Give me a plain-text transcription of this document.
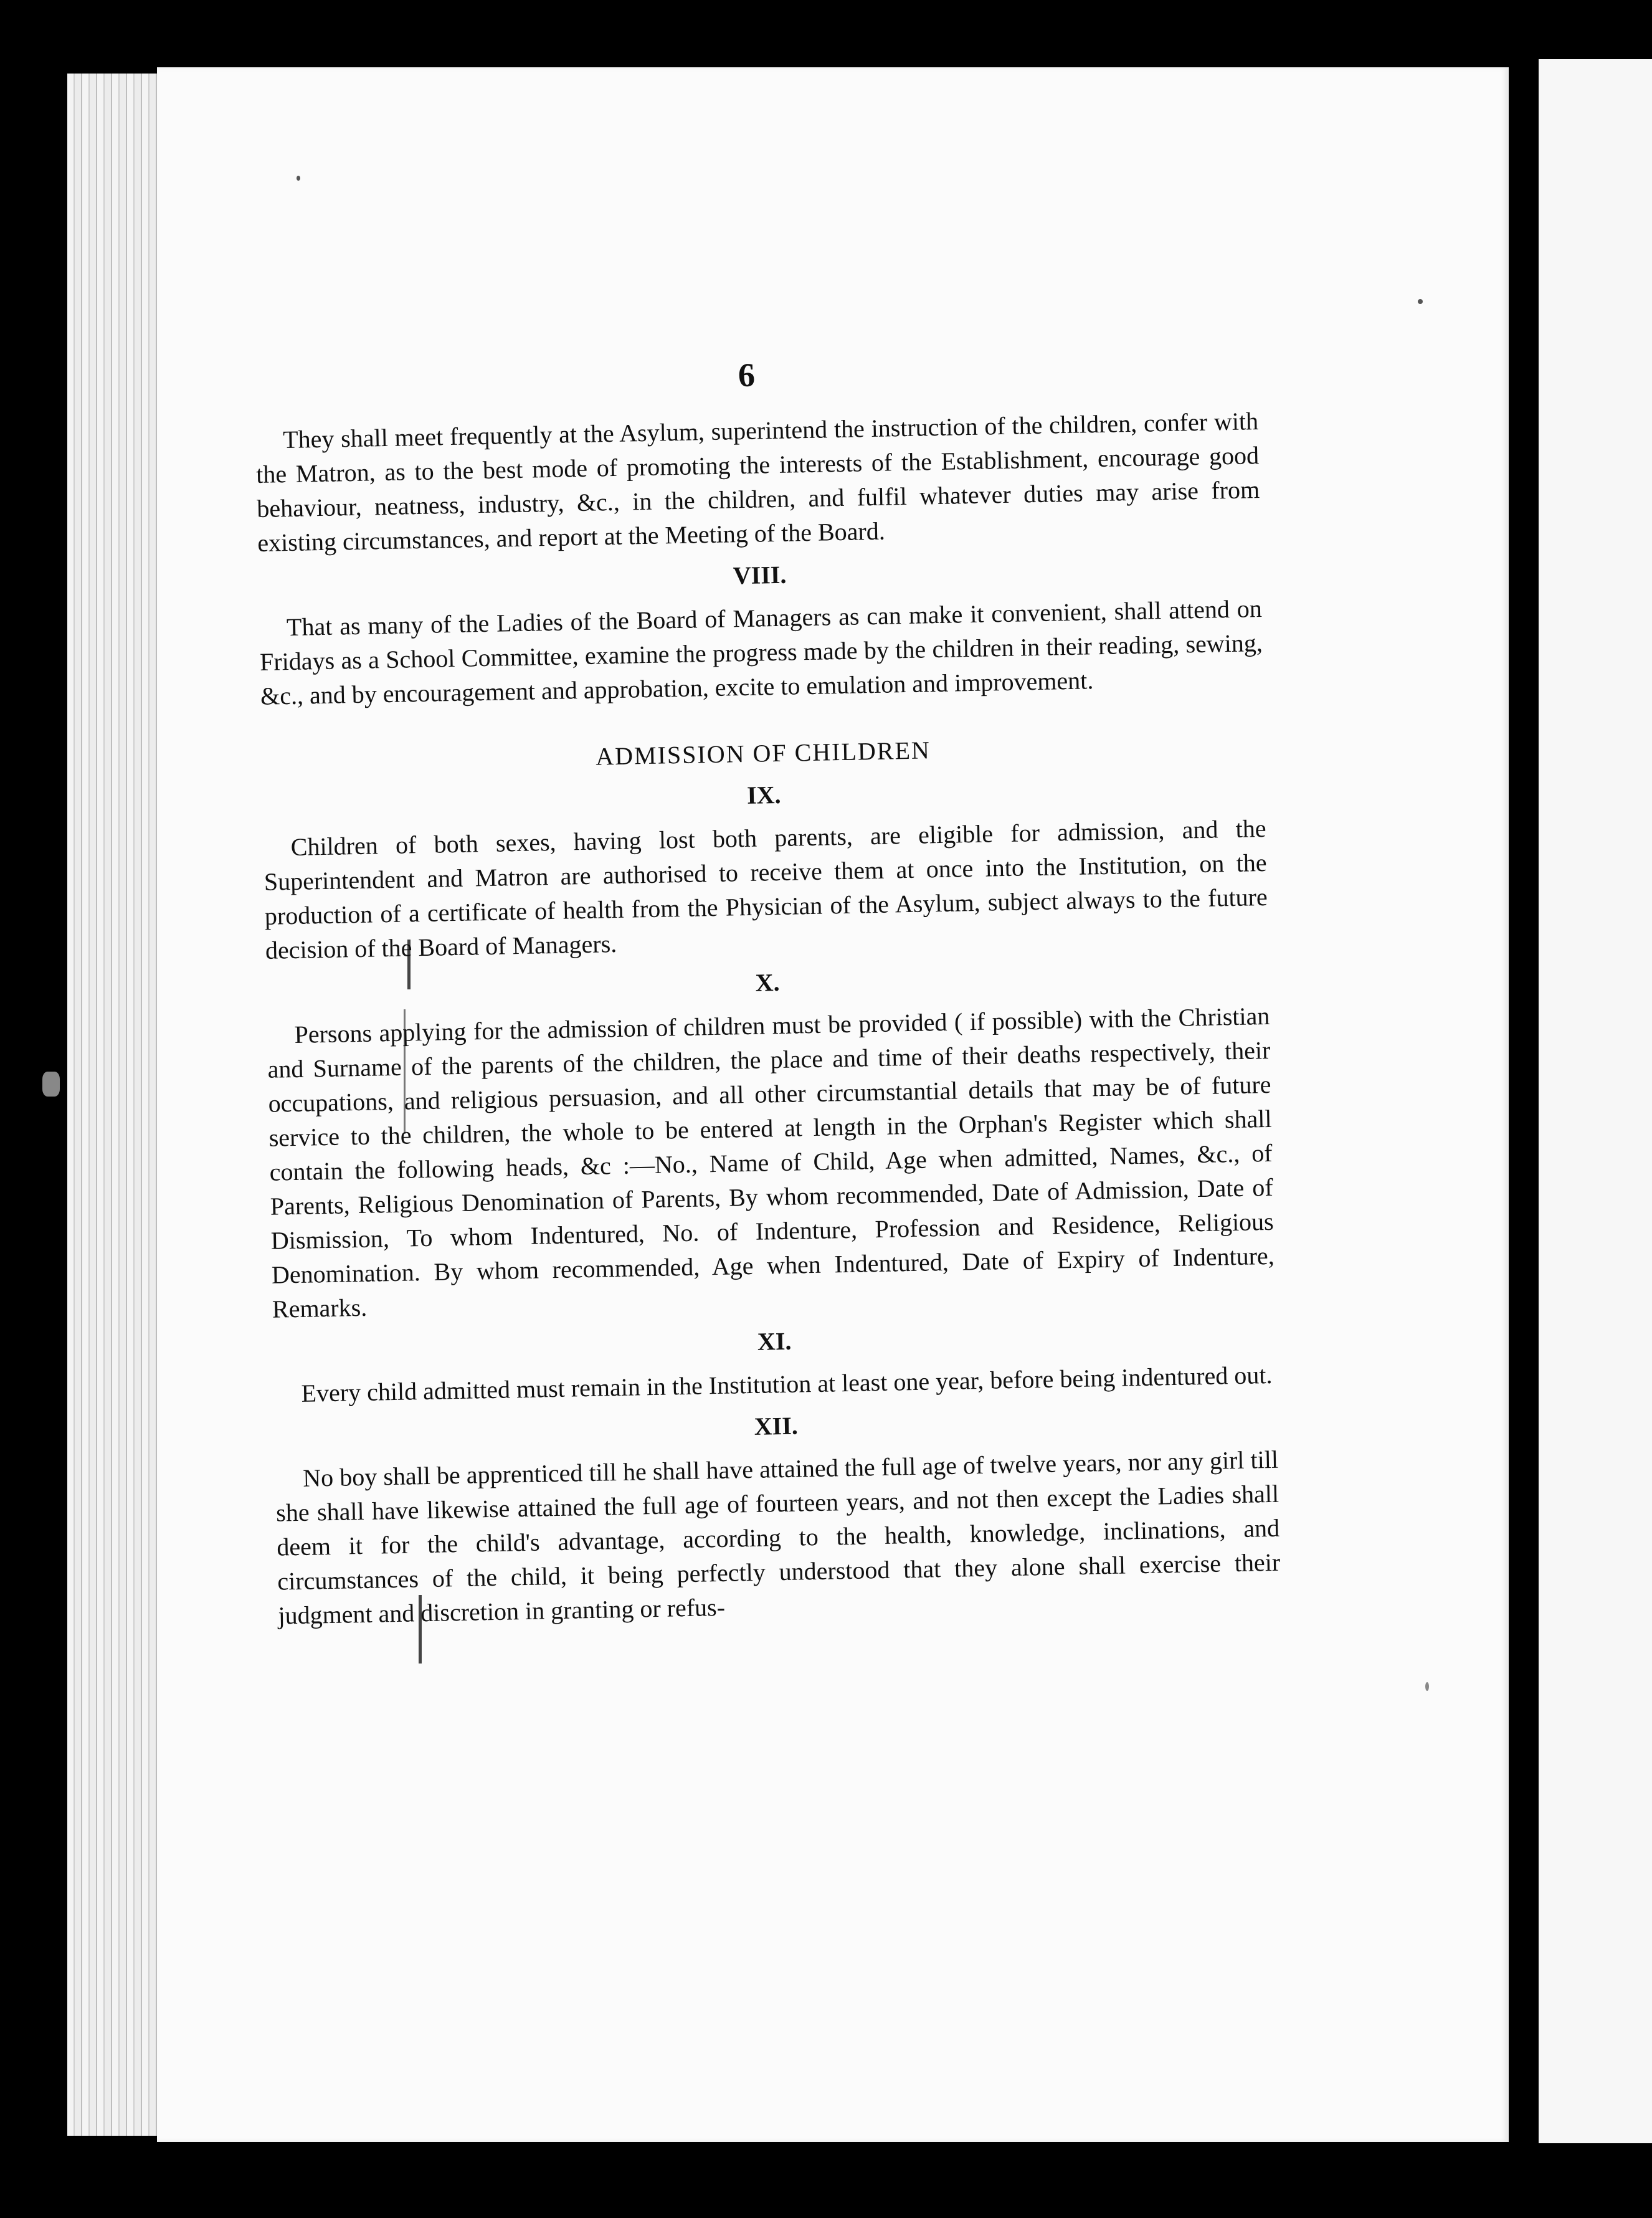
6

They shall meet frequently at the Asylum, superintend the instruction of the children, confer with the Matron, as to the best mode of promoting the interests of the Establishment, encourage good behaviour, neatness, industry, &c., in the children, and fulfil whatever duties may arise from existing circumstances, and report at the Meeting of the Board.

VIII.

That as many of the Ladies of the Board of Managers as can make it convenient, shall attend on Fridays as a School Committee, examine the progress made by the children in their reading, sewing, &c., and by encouragement and approbation, excite to emulation and improvement.

ADMISSION OF CHILDREN
IX.

Children of both sexes, having lost both parents, are eligible for admission, and the Superintendent and Matron are authorised to receive them at once into the Institution, on the production of a certificate of health from the Physician of the Asylum, subject always to the future decision of the Board of Managers.

X.

Persons applying for the admission of children must be provided ( if possible) with the Christian and Surname of the parents of the children, the place and time of their deaths respectively, their occupations, and religious persuasion, and all other circumstantial details that may be of future service to the children, the whole to be entered at length in the Orphan's Register which shall contain the following heads, &c :—No., Name of Child, Age when admitted, Names, &c., of Parents, Religious Denomination of Parents, By whom recommended, Date of Admission, Date of Dismission, To whom Indentured, No. of Indenture, Profession and Residence, Religious Denomination. By whom recommended, Age when Indentured, Date of Expiry of Indenture, Remarks.

XI.

Every child admitted must remain in the Institution at least one year, before being indentured out.

XII.

No boy shall be apprenticed till he shall have attained the full age of twelve years, nor any girl till she shall have likewise attained the full age of fourteen years, and not then except the Ladies shall deem it for the child's advantage, according to the health, knowledge, inclinations, and circumstances of the child, it being perfectly understood that they alone shall exercise their judgment and discretion in granting or refus-
